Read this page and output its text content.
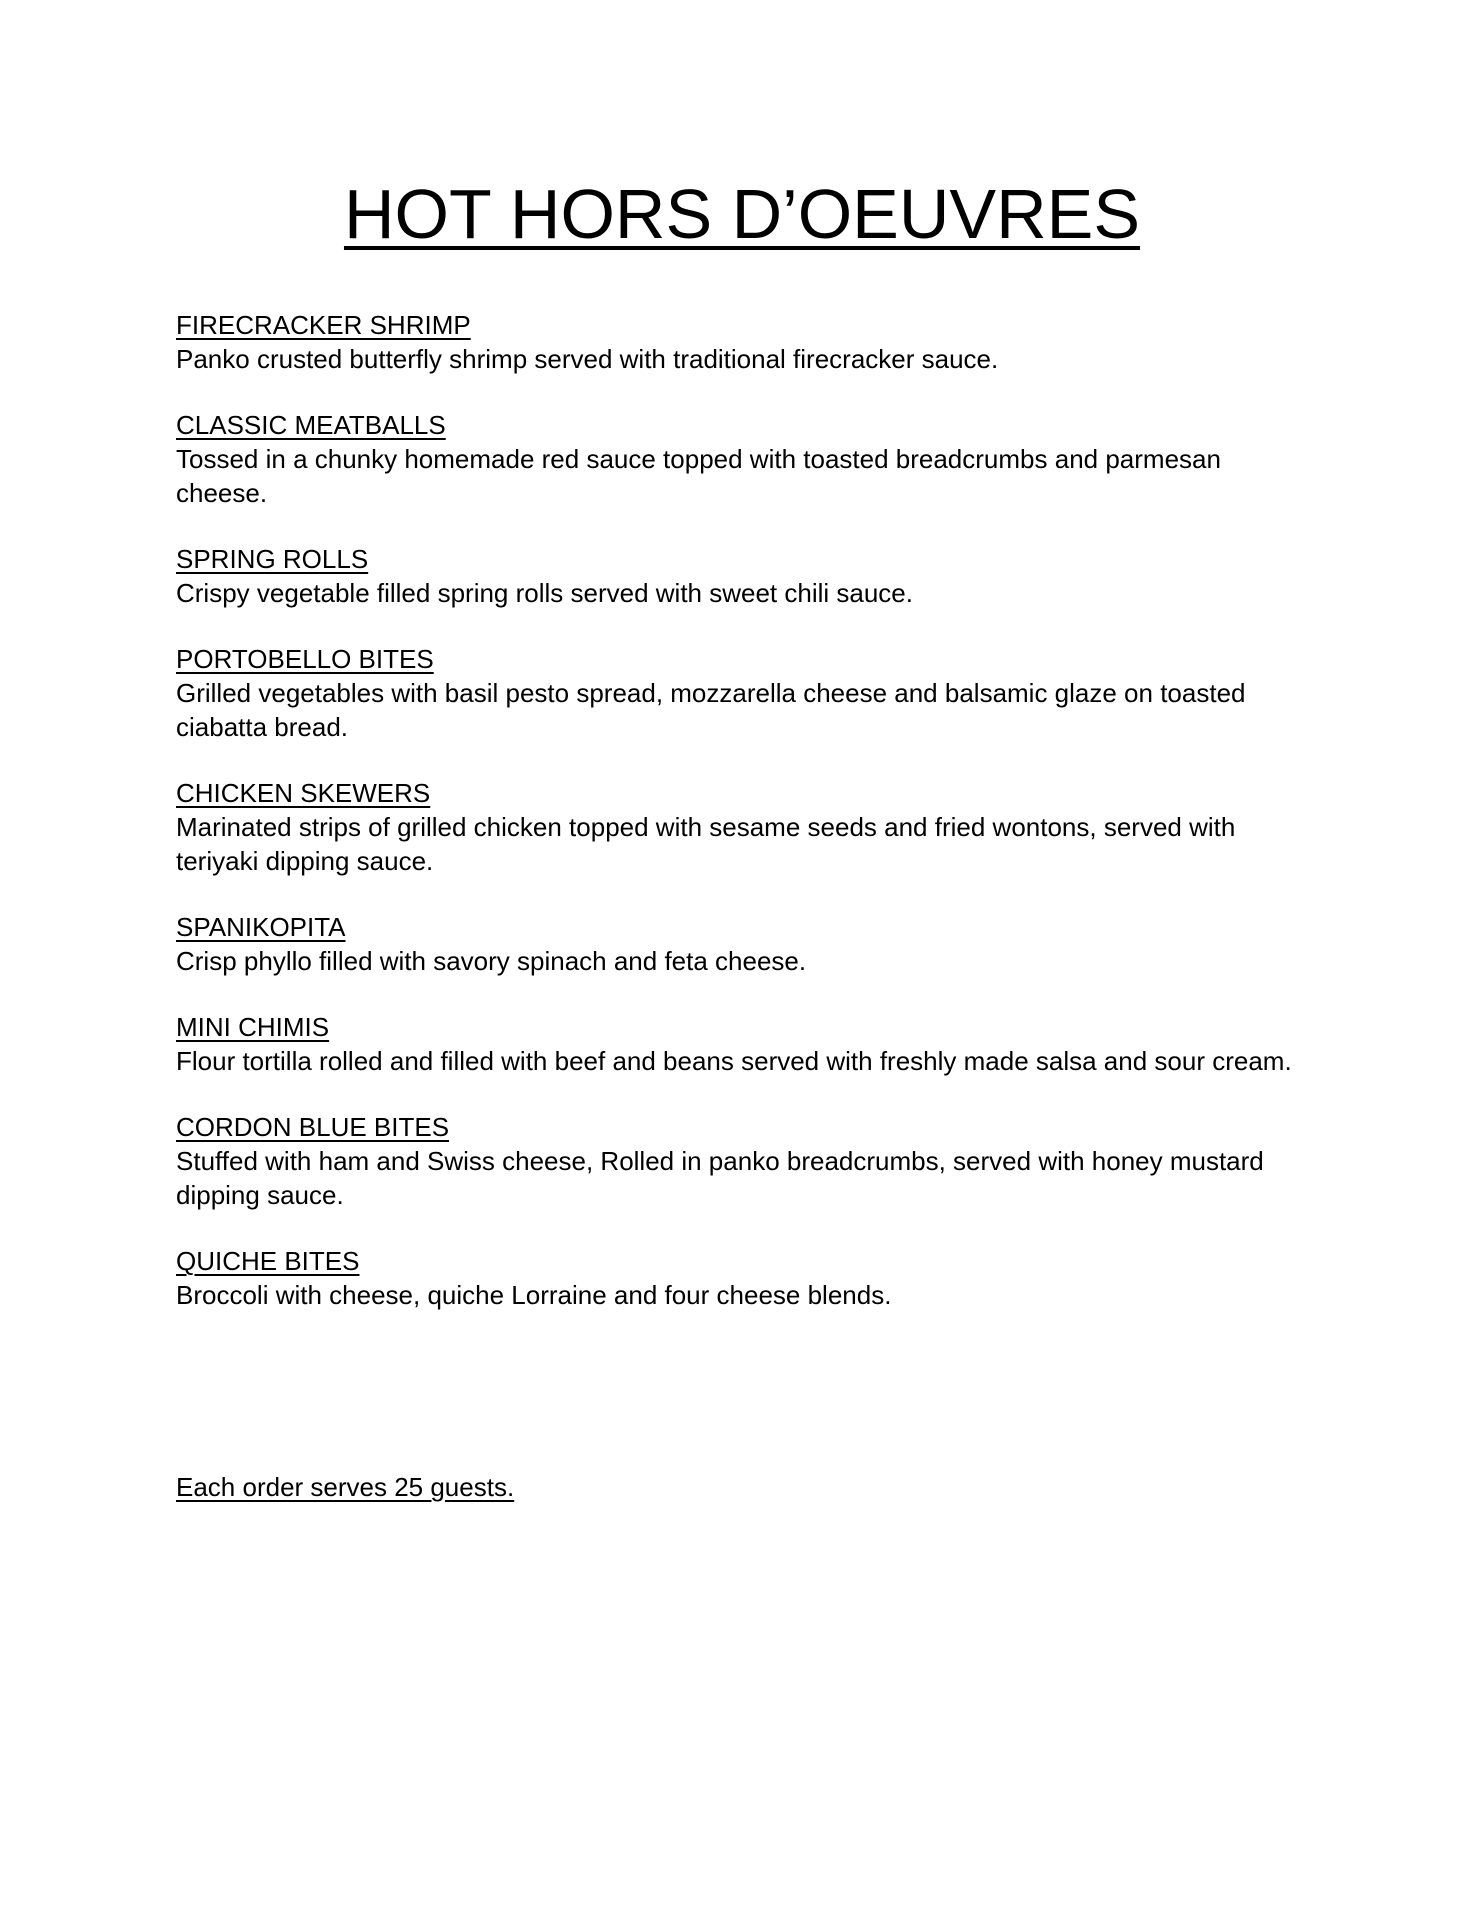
HOT HORS D’OEUVRES
FIRECRACKER SHRIMP
Panko crusted butterfly shrimp served with traditional firecracker sauce.
CLASSIC MEATBALLS
Tossed in a chunky homemade red sauce topped with toasted breadcrumbs and parmesan cheese.
SPRING ROLLS
Crispy vegetable filled spring rolls served with sweet chili sauce.
PORTOBELLO BITES
Grilled vegetables with basil pesto spread, mozzarella cheese and balsamic glaze on toasted ciabatta bread.
CHICKEN SKEWERS
Marinated strips of grilled chicken topped with sesame seeds and fried wontons, served with teriyaki dipping sauce.
SPANIKOPITA
Crisp phyllo filled with savory spinach and feta cheese.
MINI CHIMIS
Flour tortilla rolled and filled with beef and beans served with freshly made salsa and sour cream.
CORDON BLUE BITES
Stuffed with ham and Swiss cheese, Rolled in panko breadcrumbs, served with honey mustard dipping sauce.
QUICHE BITES
Broccoli with cheese, quiche Lorraine and four cheese blends.
Each order serves 25 guests.
